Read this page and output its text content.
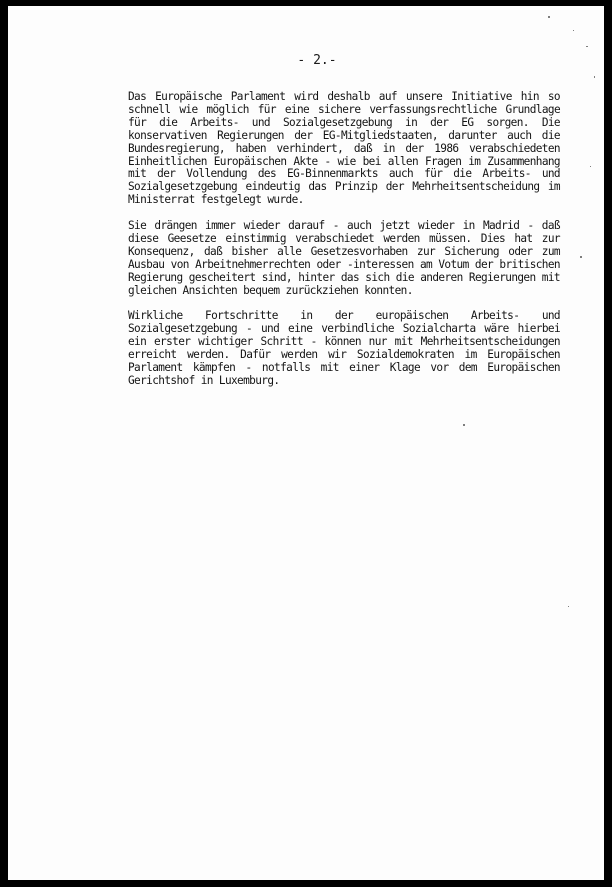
- 2.-

Das Europäische Parlament wird deshalb auf unsere Initiative hin so schnell wie möglich für eine sichere verfassungsrechtliche Grundlage für die Arbeits- und Sozialgesetzgebung in der EG sorgen. Die konservativen Regierungen der EG-Mitgliedstaaten, darunter auch die Bundesregierung, haben verhindert, daß in der 1986 verabschiedeten Einheitlichen Europäischen Akte - wie bei allen Fragen im Zusammenhang mit der Vollendung des EG-Binnenmarkts auch für die Arbeits- und Sozialgesetzgebung eindeutig das Prinzip der Mehrheitsentscheidung im Ministerrat festgelegt wurde.

Sie drängen immer wieder darauf - auch jetzt wieder in Madrid - daß diese Geesetze einstimmig verabschiedet werden müssen. Dies hat zur Konsequenz, daß bisher alle Gesetzesvorhaben zur Sicherung oder zum Ausbau von Arbeitnehmerrechten oder -interessen am Votum der britischen Regierung gescheitert sind, hinter das sich die anderen Regierungen mit gleichen Ansichten bequem zurückziehen konnten.

Wirkliche Fortschritte in der europäischen Arbeits- und Sozialgesetzgebung - und eine verbindliche Sozialcharta wäre hierbei ein erster wichtiger Schritt - können nur mit Mehrheitsentscheidungen erreicht werden. Dafür werden wir Sozialdemokraten im Europäischen Parlament kämpfen - notfalls mit einer Klage vor dem Europäischen Gerichtshof in Luxemburg.
